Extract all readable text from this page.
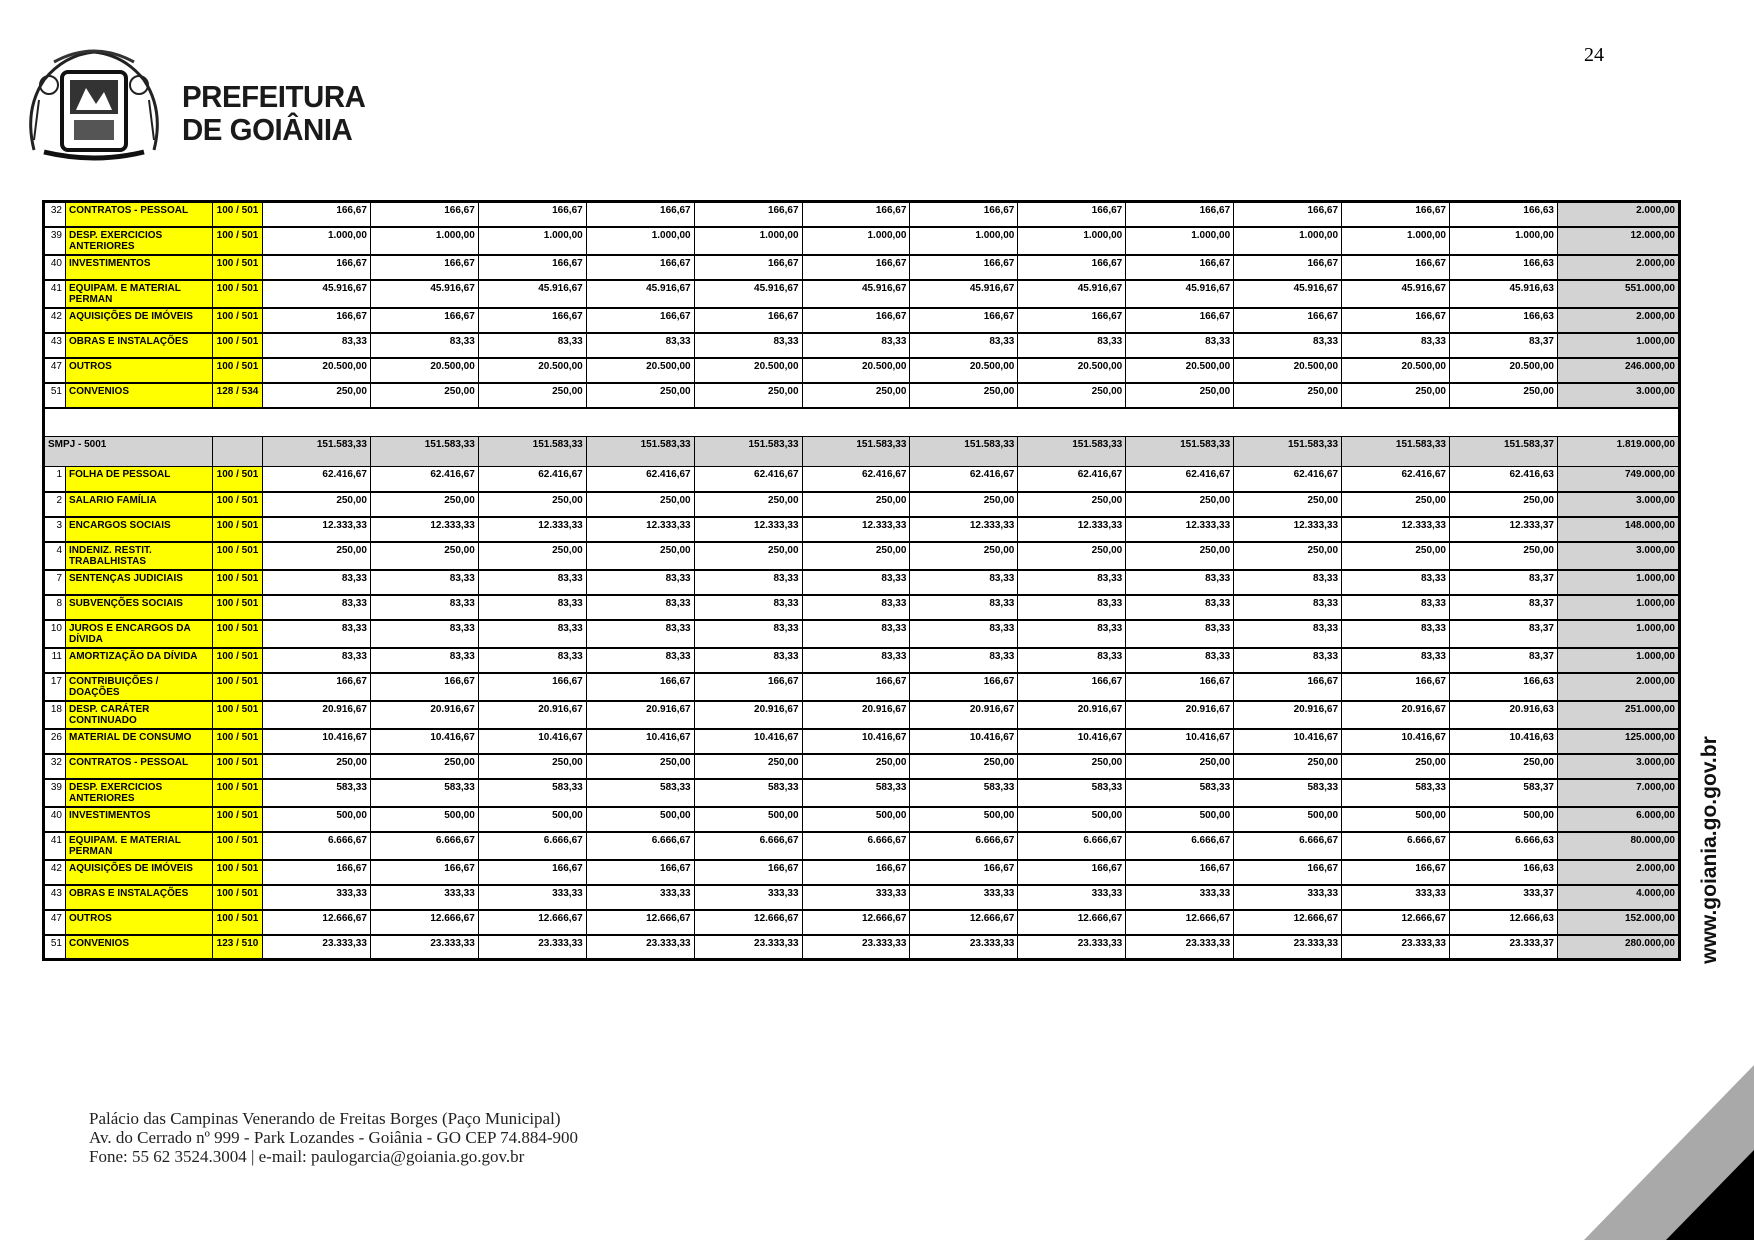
24
PREFEITURA
DE GOIÂNIA
32	CONTRATOS - PESSOAL	100 / 501	166,67	166,67	166,67	166,67	166,67	166,67	166,67	166,67	166,67	166,67	166,67	166,63	2.000,00
39	DESP. EXERCICIOS ANTERIORES	100 / 501	1.000,00	1.000,00	1.000,00	1.000,00	1.000,00	1.000,00	1.000,00	1.000,00	1.000,00	1.000,00	1.000,00	1.000,00	12.000,00
40	INVESTIMENTOS	100 / 501	166,67	166,67	166,67	166,67	166,67	166,67	166,67	166,67	166,67	166,67	166,67	166,63	2.000,00
41	EQUIPAM. E MATERIAL PERMAN	100 / 501	45.916,67	45.916,67	45.916,67	45.916,67	45.916,67	45.916,67	45.916,67	45.916,67	45.916,67	45.916,67	45.916,67	45.916,63	551.000,00
42	AQUISIÇÕES DE IMÓVEIS	100 / 501	166,67	166,67	166,67	166,67	166,67	166,67	166,67	166,67	166,67	166,67	166,67	166,63	2.000,00
43	OBRAS E INSTALAÇÕES	100 / 501	83,33	83,33	83,33	83,33	83,33	83,33	83,33	83,33	83,33	83,33	83,33	83,37	1.000,00
47	OUTROS	100 / 501	20.500,00	20.500,00	20.500,00	20.500,00	20.500,00	20.500,00	20.500,00	20.500,00	20.500,00	20.500,00	20.500,00	20.500,00	246.000,00
51	CONVENIOS	128 / 534	250,00	250,00	250,00	250,00	250,00	250,00	250,00	250,00	250,00	250,00	250,00	250,00	3.000,00

SMPJ - 5001			151.583,33	151.583,33	151.583,33	151.583,33	151.583,33	151.583,33	151.583,33	151.583,33	151.583,33	151.583,33	151.583,33	151.583,37	1.819.000,00
1	FOLHA DE PESSOAL	100 / 501	62.416,67	62.416,67	62.416,67	62.416,67	62.416,67	62.416,67	62.416,67	62.416,67	62.416,67	62.416,67	62.416,67	62.416,63	749.000,00
2	SALARIO FAMÍLIA	100 / 501	250,00	250,00	250,00	250,00	250,00	250,00	250,00	250,00	250,00	250,00	250,00	250,00	3.000,00
3	ENCARGOS SOCIAIS	100 / 501	12.333,33	12.333,33	12.333,33	12.333,33	12.333,33	12.333,33	12.333,33	12.333,33	12.333,33	12.333,33	12.333,33	12.333,37	148.000,00
4	INDENIZ. RESTIT. TRABALHISTAS	100 / 501	250,00	250,00	250,00	250,00	250,00	250,00	250,00	250,00	250,00	250,00	250,00	250,00	3.000,00
7	SENTENÇAS JUDICIAIS	100 / 501	83,33	83,33	83,33	83,33	83,33	83,33	83,33	83,33	83,33	83,33	83,33	83,37	1.000,00
8	SUBVENÇÕES SOCIAIS	100 / 501	83,33	83,33	83,33	83,33	83,33	83,33	83,33	83,33	83,33	83,33	83,33	83,37	1.000,00
10	JUROS E ENCARGOS DA DÍVIDA	100 / 501	83,33	83,33	83,33	83,33	83,33	83,33	83,33	83,33	83,33	83,33	83,33	83,37	1.000,00
11	AMORTIZAÇÃO DA DÍVIDA	100 / 501	83,33	83,33	83,33	83,33	83,33	83,33	83,33	83,33	83,33	83,33	83,33	83,37	1.000,00
17	CONTRIBUIÇÕES / DOAÇÕES	100 / 501	166,67	166,67	166,67	166,67	166,67	166,67	166,67	166,67	166,67	166,67	166,67	166,63	2.000,00
18	DESP. CARÁTER CONTINUADO	100 / 501	20.916,67	20.916,67	20.916,67	20.916,67	20.916,67	20.916,67	20.916,67	20.916,67	20.916,67	20.916,67	20.916,67	20.916,63	251.000,00
26	MATERIAL DE CONSUMO	100 / 501	10.416,67	10.416,67	10.416,67	10.416,67	10.416,67	10.416,67	10.416,67	10.416,67	10.416,67	10.416,67	10.416,67	10.416,63	125.000,00
32	CONTRATOS - PESSOAL	100 / 501	250,00	250,00	250,00	250,00	250,00	250,00	250,00	250,00	250,00	250,00	250,00	250,00	3.000,00
39	DESP. EXERCICIOS ANTERIORES	100 / 501	583,33	583,33	583,33	583,33	583,33	583,33	583,33	583,33	583,33	583,33	583,33	583,37	7.000,00
40	INVESTIMENTOS	100 / 501	500,00	500,00	500,00	500,00	500,00	500,00	500,00	500,00	500,00	500,00	500,00	500,00	6.000,00
41	EQUIPAM. E MATERIAL PERMAN	100 / 501	6.666,67	6.666,67	6.666,67	6.666,67	6.666,67	6.666,67	6.666,67	6.666,67	6.666,67	6.666,67	6.666,67	6.666,63	80.000,00
42	AQUISIÇÕES DE IMÓVEIS	100 / 501	166,67	166,67	166,67	166,67	166,67	166,67	166,67	166,67	166,67	166,67	166,67	166,63	2.000,00
43	OBRAS E INSTALAÇÕES	100 / 501	333,33	333,33	333,33	333,33	333,33	333,33	333,33	333,33	333,33	333,33	333,33	333,37	4.000,00
47	OUTROS	100 / 501	12.666,67	12.666,67	12.666,67	12.666,67	12.666,67	12.666,67	12.666,67	12.666,67	12.666,67	12.666,67	12.666,67	12.666,63	152.000,00
51	CONVENIOS	123 / 510	23.333,33	23.333,33	23.333,33	23.333,33	23.333,33	23.333,33	23.333,33	23.333,33	23.333,33	23.333,33	23.333,33	23.333,37	280.000,00 www.goiania.go.gov.br
Palácio das Campinas Venerando de Freitas Borges (Paço Municipal)
Av. do Cerrado nº 999 - Park Lozandes - Goiânia - GO CEP 74.884-900
Fone: 55 62 3524.3004 | e-mail: paulogarcia@goiania.go.gov.br
